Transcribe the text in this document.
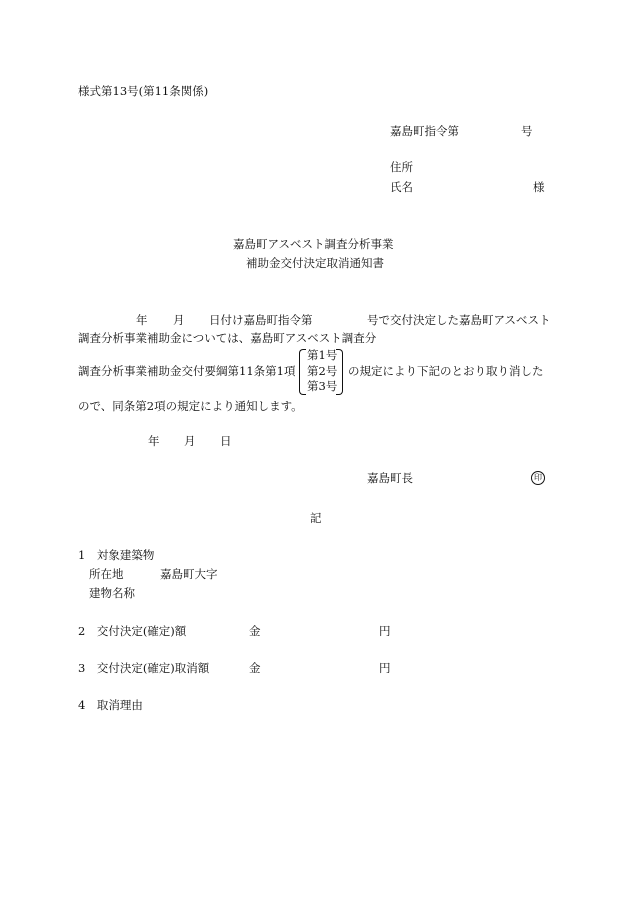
様式第13号(第11条関係)
嘉島町指令第	号
住所
氏名	様
嘉島町アスベスト調査分析事業
補助金交付決定取消通知書
年 月 日付け嘉島町指令第	号で交付決定した嘉島町アスベスト
調査分析事業補助金については、嘉島町アスベスト調査分
調査分析事業補助金交付要綱第11条第1項
第1号
第2号
第3号
の規定により下記のとおり取り消した
ので、同条第2項の規定により通知します。
年 月 日
嘉島町長	印
記
1　対象建築物
所在地	嘉島町大字
建物名称
2　交付決定(確定)額	金	円
3　交付決定(確定)取消額	金	円
4　取消理由
